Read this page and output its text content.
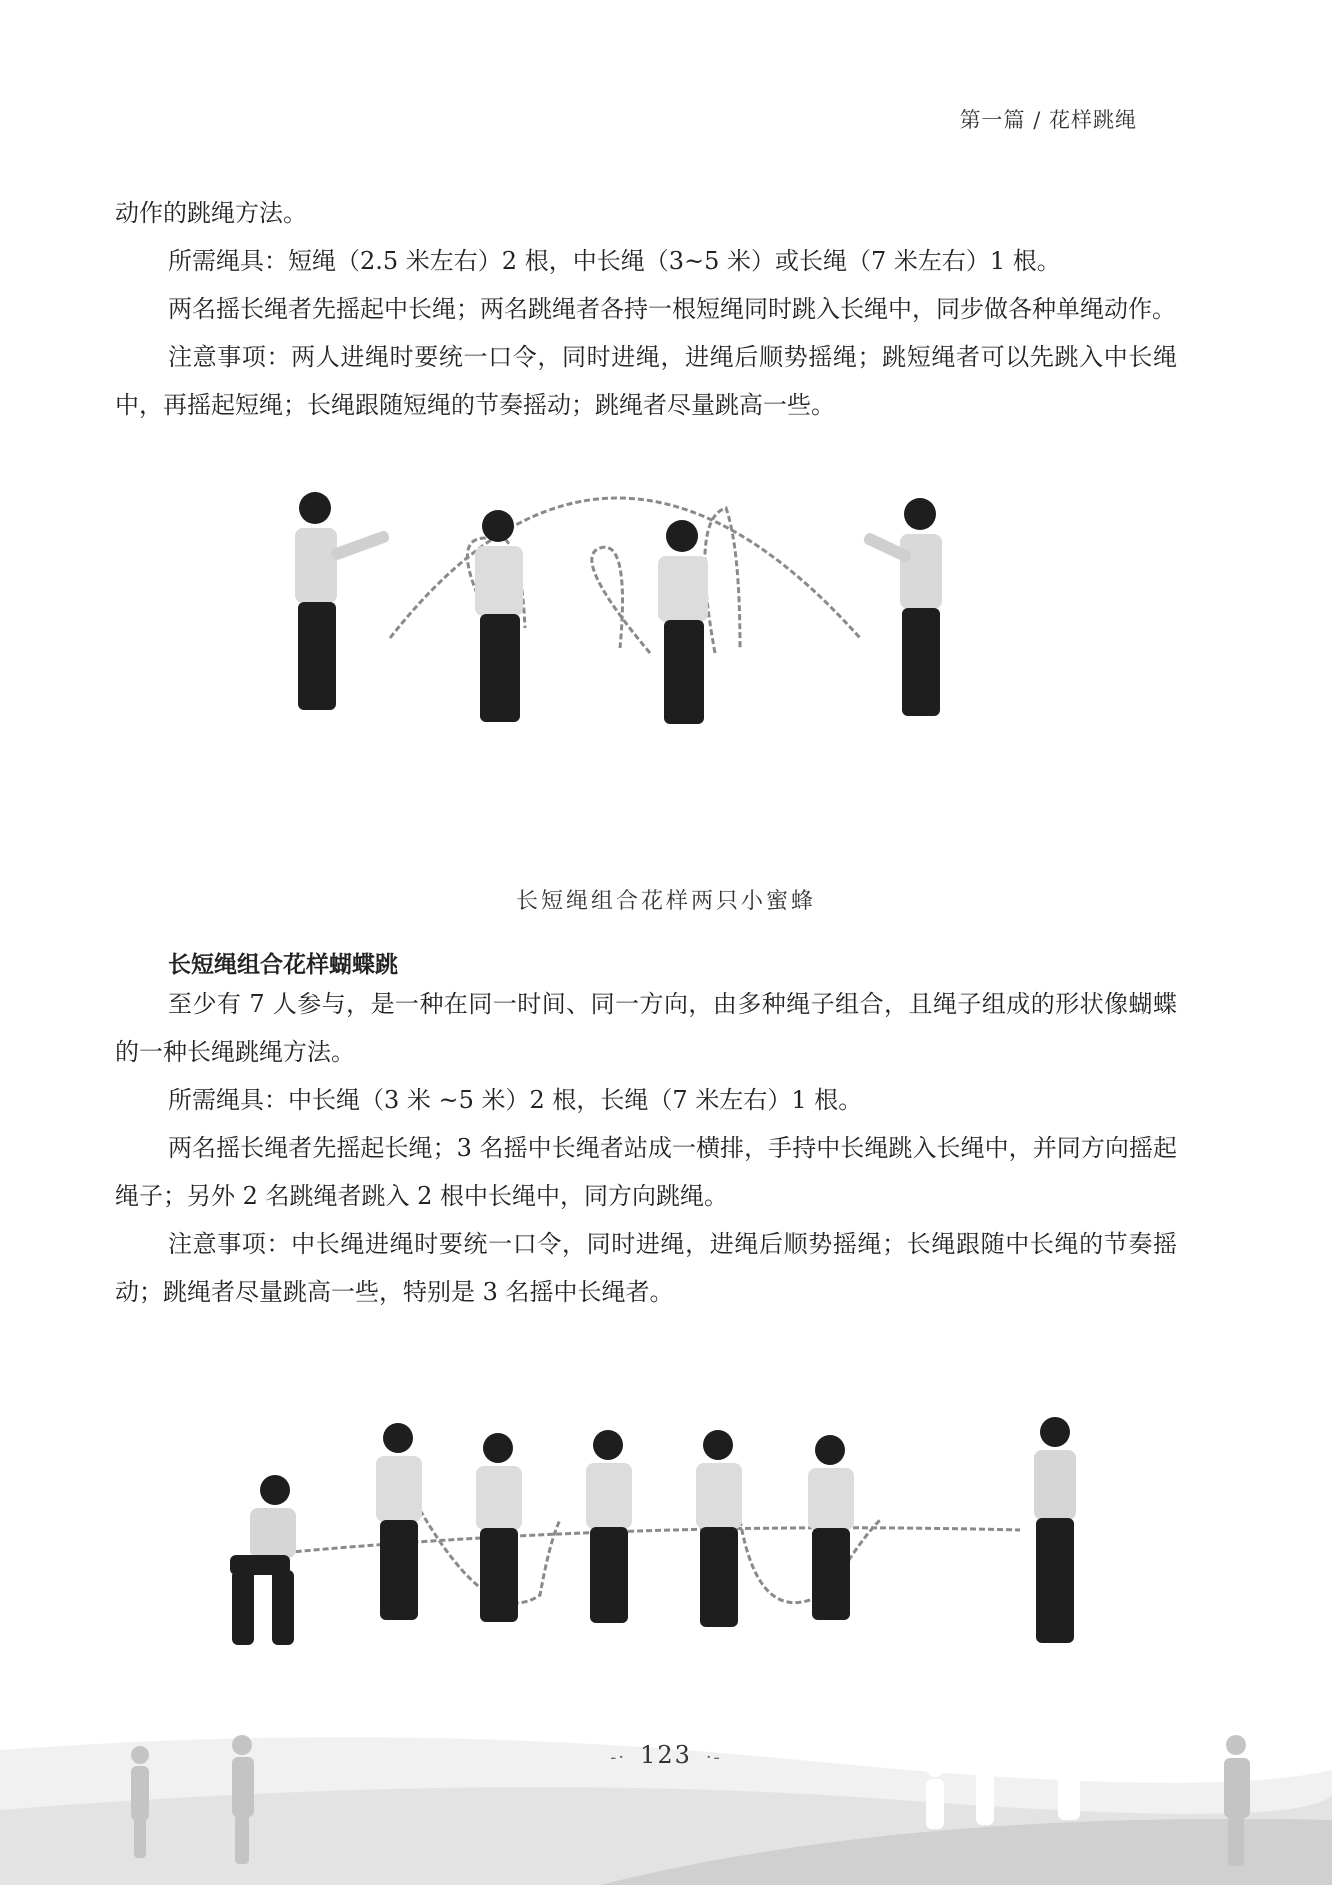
第一篇 / 花样跳绳

动作的跳绳方法。

所需绳具：短绳（2.5 米左右）2 根，中长绳（3~5 米）或长绳（7 米左右）1 根。

两名摇长绳者先摇起中长绳；两名跳绳者各持一根短绳同时跳入长绳中，同步做各种单绳动作。

注意事项：两人进绳时要统一口令，同时进绳，进绳后顺势摇绳；跳短绳者可以先跳入中长绳中，再摇起短绳；长绳跟随短绳的节奏摇动；跳绳者尽量跳高一些。

长短绳组合花样两只小蜜蜂
长短绳组合花样蝴蝶跳

至少有 7 人参与，是一种在同一时间、同一方向，由多种绳子组合，且绳子组成的形状像蝴蝶的一种长绳跳绳方法。

所需绳具：中长绳（3 米 ~5 米）2 根，长绳（7 米左右）1 根。

两名摇长绳者先摇起长绳；3 名摇中长绳者站成一横排，手持中长绳跳入长绳中，并同方向摇起绳子；另外 2 名跳绳者跳入 2 根中长绳中，同方向跳绳。

注意事项：中长绳进绳时要统一口令，同时进绳，进绳后顺势摇绳；长绳跟随中长绳的节奏摇动；跳绳者尽量跳高一些，特别是 3 名摇中长绳者。

-· 123 ·-
